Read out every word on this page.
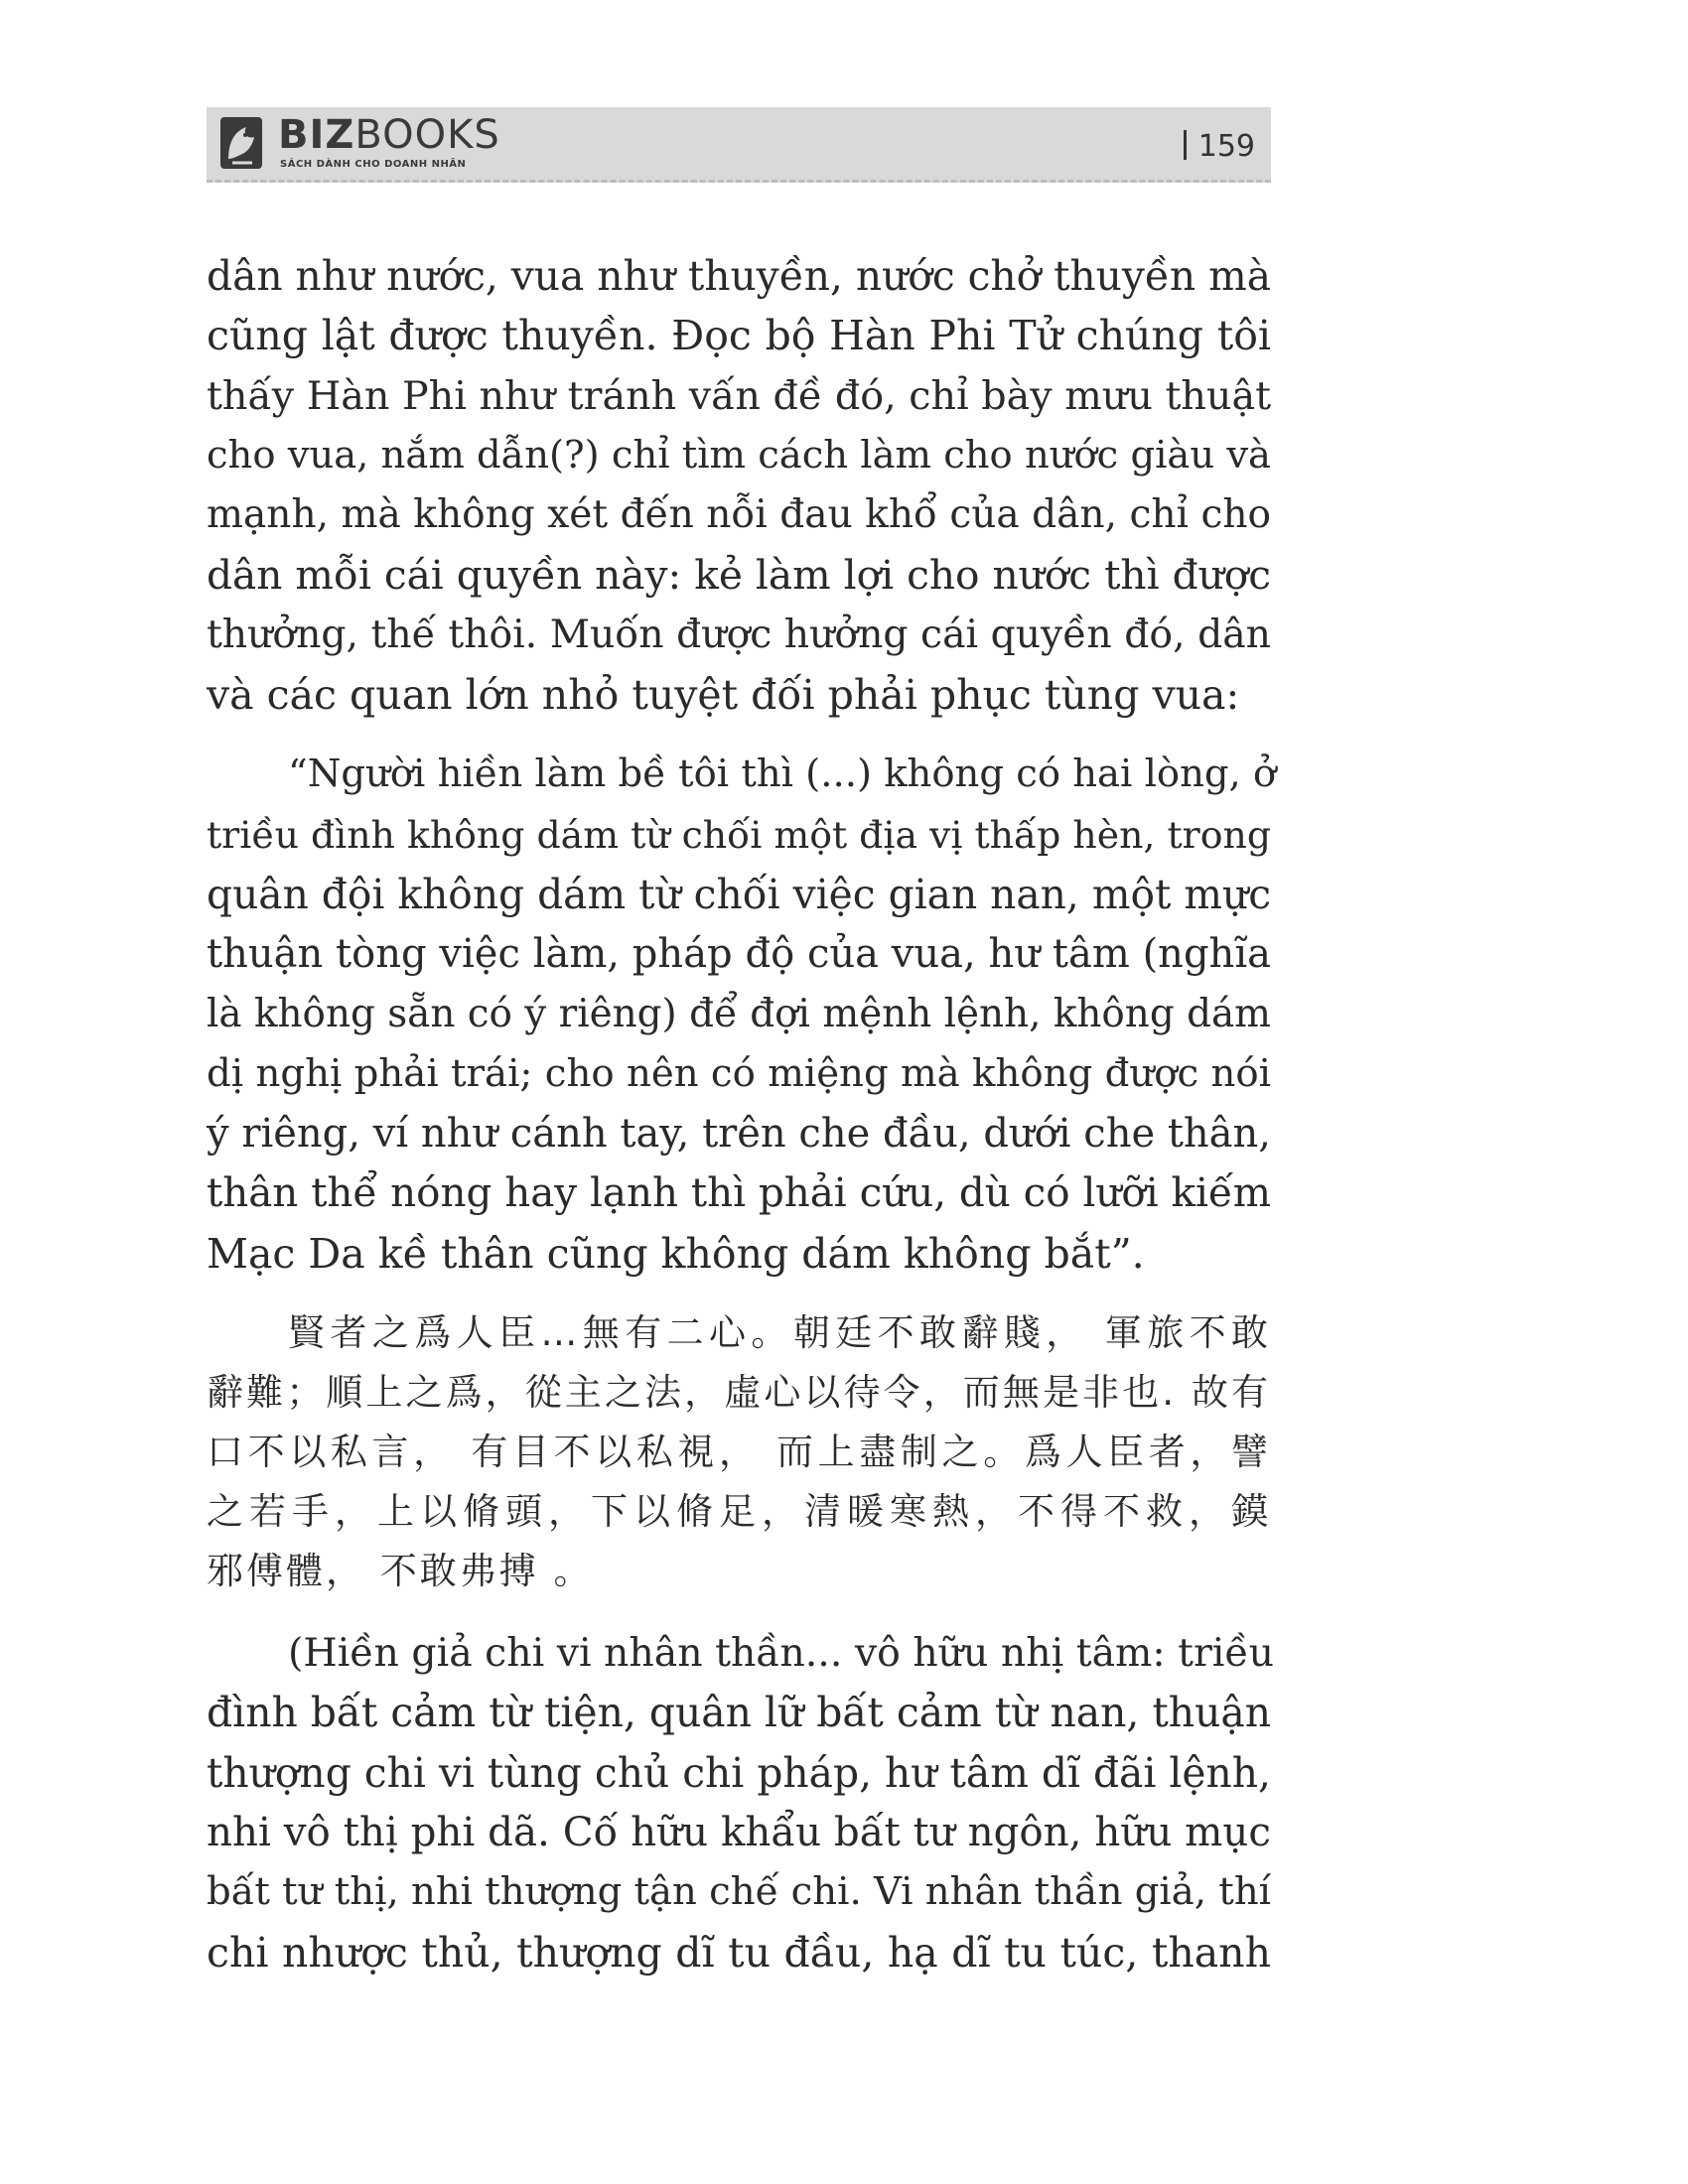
BIZBOOKS
SÁCH DÀNH CHO DOANH NHÂN
159
dân như nước, vua như thuyền, nước chở thuyền mà
cũng lật được thuyền. Đọc bộ Hàn Phi Tử chúng tôi
thấy Hàn Phi như tránh vấn đề đó, chỉ bày mưu thuật
cho vua, nắm dẫn(?) chỉ tìm cách làm cho nước giàu và
mạnh, mà không xét đến nỗi đau khổ của dân, chỉ cho
dân mỗi cái quyền này: kẻ làm lợi cho nước thì được
thưởng, thế thôi. Muốn được hưởng cái quyền đó, dân
và các quan lớn nhỏ tuyệt đối phải phục tùng vua:
“Người hiền làm bề tôi thì (...) không có hai lòng, ở
triều đình không dám từ chối một địa vị thấp hèn, trong
quân đội không dám từ chối việc gian nan, một mực
thuận tòng việc làm, pháp độ của vua, hư tâm (nghĩa
là không sẵn có ý riêng) để đợi mệnh lệnh, không dám
dị nghị phải trái; cho nên có miệng mà không được nói
ý riêng, ví như cánh tay, trên che đầu, dưới che thân,
thân thể nóng hay lạnh thì phải cứu, dù có lưỡi kiếm
Mạc Da kề thân cũng không dám không bắt”.
賢者之爲人臣…無有二心。朝廷不敢辭賤， 軍旅不敢
辭難；順上之爲，從主之法，虛心以待令，而無是非也. 故有
口不以私言， 有目不以私視， 而上盡制之。爲人臣者，譬
之若手，上以脩頭，下以脩足，清暖寒熱，不得不救，鏌
邪傅體， 不敢弗搏 。
(Hiền giả chi vi nhân thần... vô hữu nhị tâm: triều
đình bất cảm từ tiện, quân lữ bất cảm từ nan, thuận
thượng chi vi tùng chủ chi pháp, hư tâm dĩ đãi lệnh,
nhi vô thị phi dã. Cố hữu khẩu bất tư ngôn, hữu mục
bất tư thị, nhi thượng tận chế chi. Vi nhân thần giả, thí
chi nhược thủ, thượng dĩ tu đầu, hạ dĩ tu túc, thanh
